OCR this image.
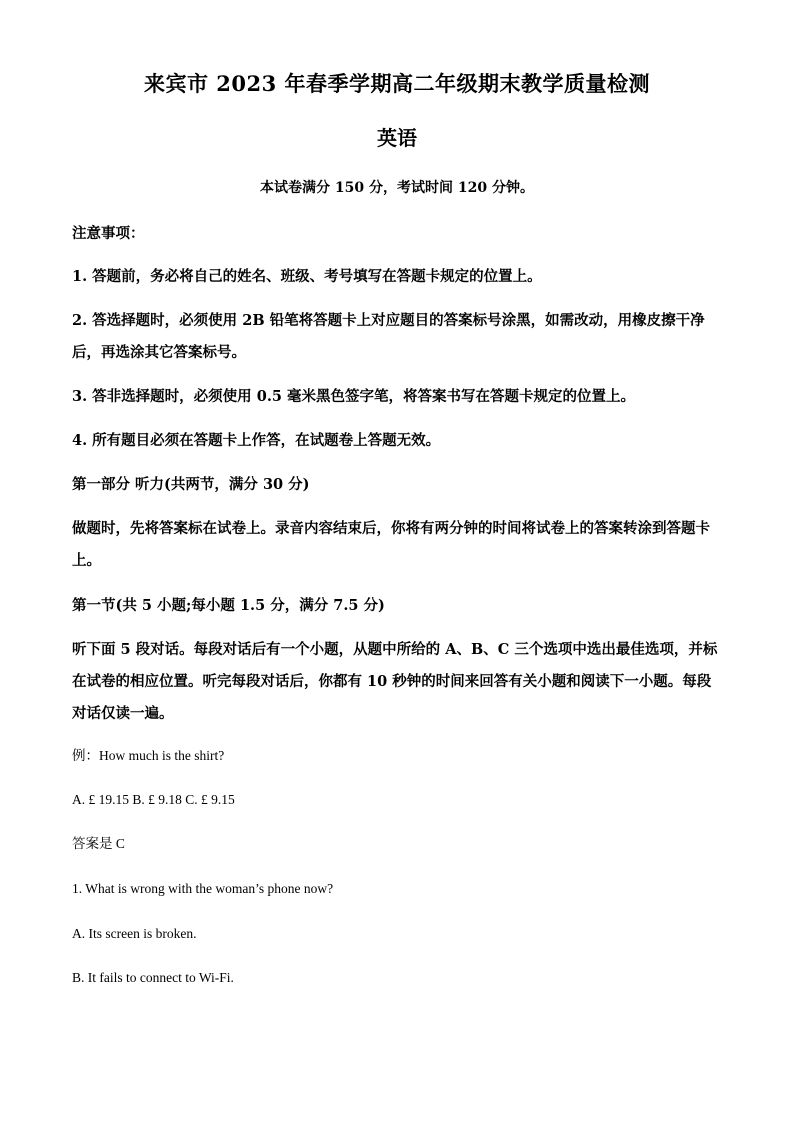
来宾市 2023 年春季学期高二年级期末教学质量检测
英语
本试卷满分 150 分，考试时间 120 分钟。
注意事项：
1. 答题前，务必将自己的姓名、班级、考号填写在答题卡规定的位置上。
2. 答选择题时，必须使用 2B 铅笔将答题卡上对应题目的答案标号涂黑，如需改动，用橡皮擦干净后，再选涂其它答案标号。
3. 答非选择题时，必须使用 0.5 毫米黑色签字笔，将答案书写在答题卡规定的位置上。
4. 所有题目必须在答题卡上作答，在试题卷上答题无效。
第一部分 听力(共两节，满分 30 分)
做题时，先将答案标在试卷上。录音内容结束后，你将有两分钟的时间将试卷上的答案转涂到答题卡上。
第一节(共 5 小题;每小题 1.5 分，满分 7.5 分)
听下面 5 段对话。每段对话后有一个小题，从题中所给的 A、B、C 三个选项中选出最佳选项，并标在试卷的相应位置。听完每段对话后，你都有 10 秒钟的时间来回答有关小题和阅读下一小题。每段对话仅读一遍。
例：How much is the shirt?
A. £ 19.15 B. £ 9.18 C. £ 9.15
答案是 C
1. What is wrong with the woman’s phone now?
A. Its screen is broken.
B. It fails to connect to Wi-Fi.
